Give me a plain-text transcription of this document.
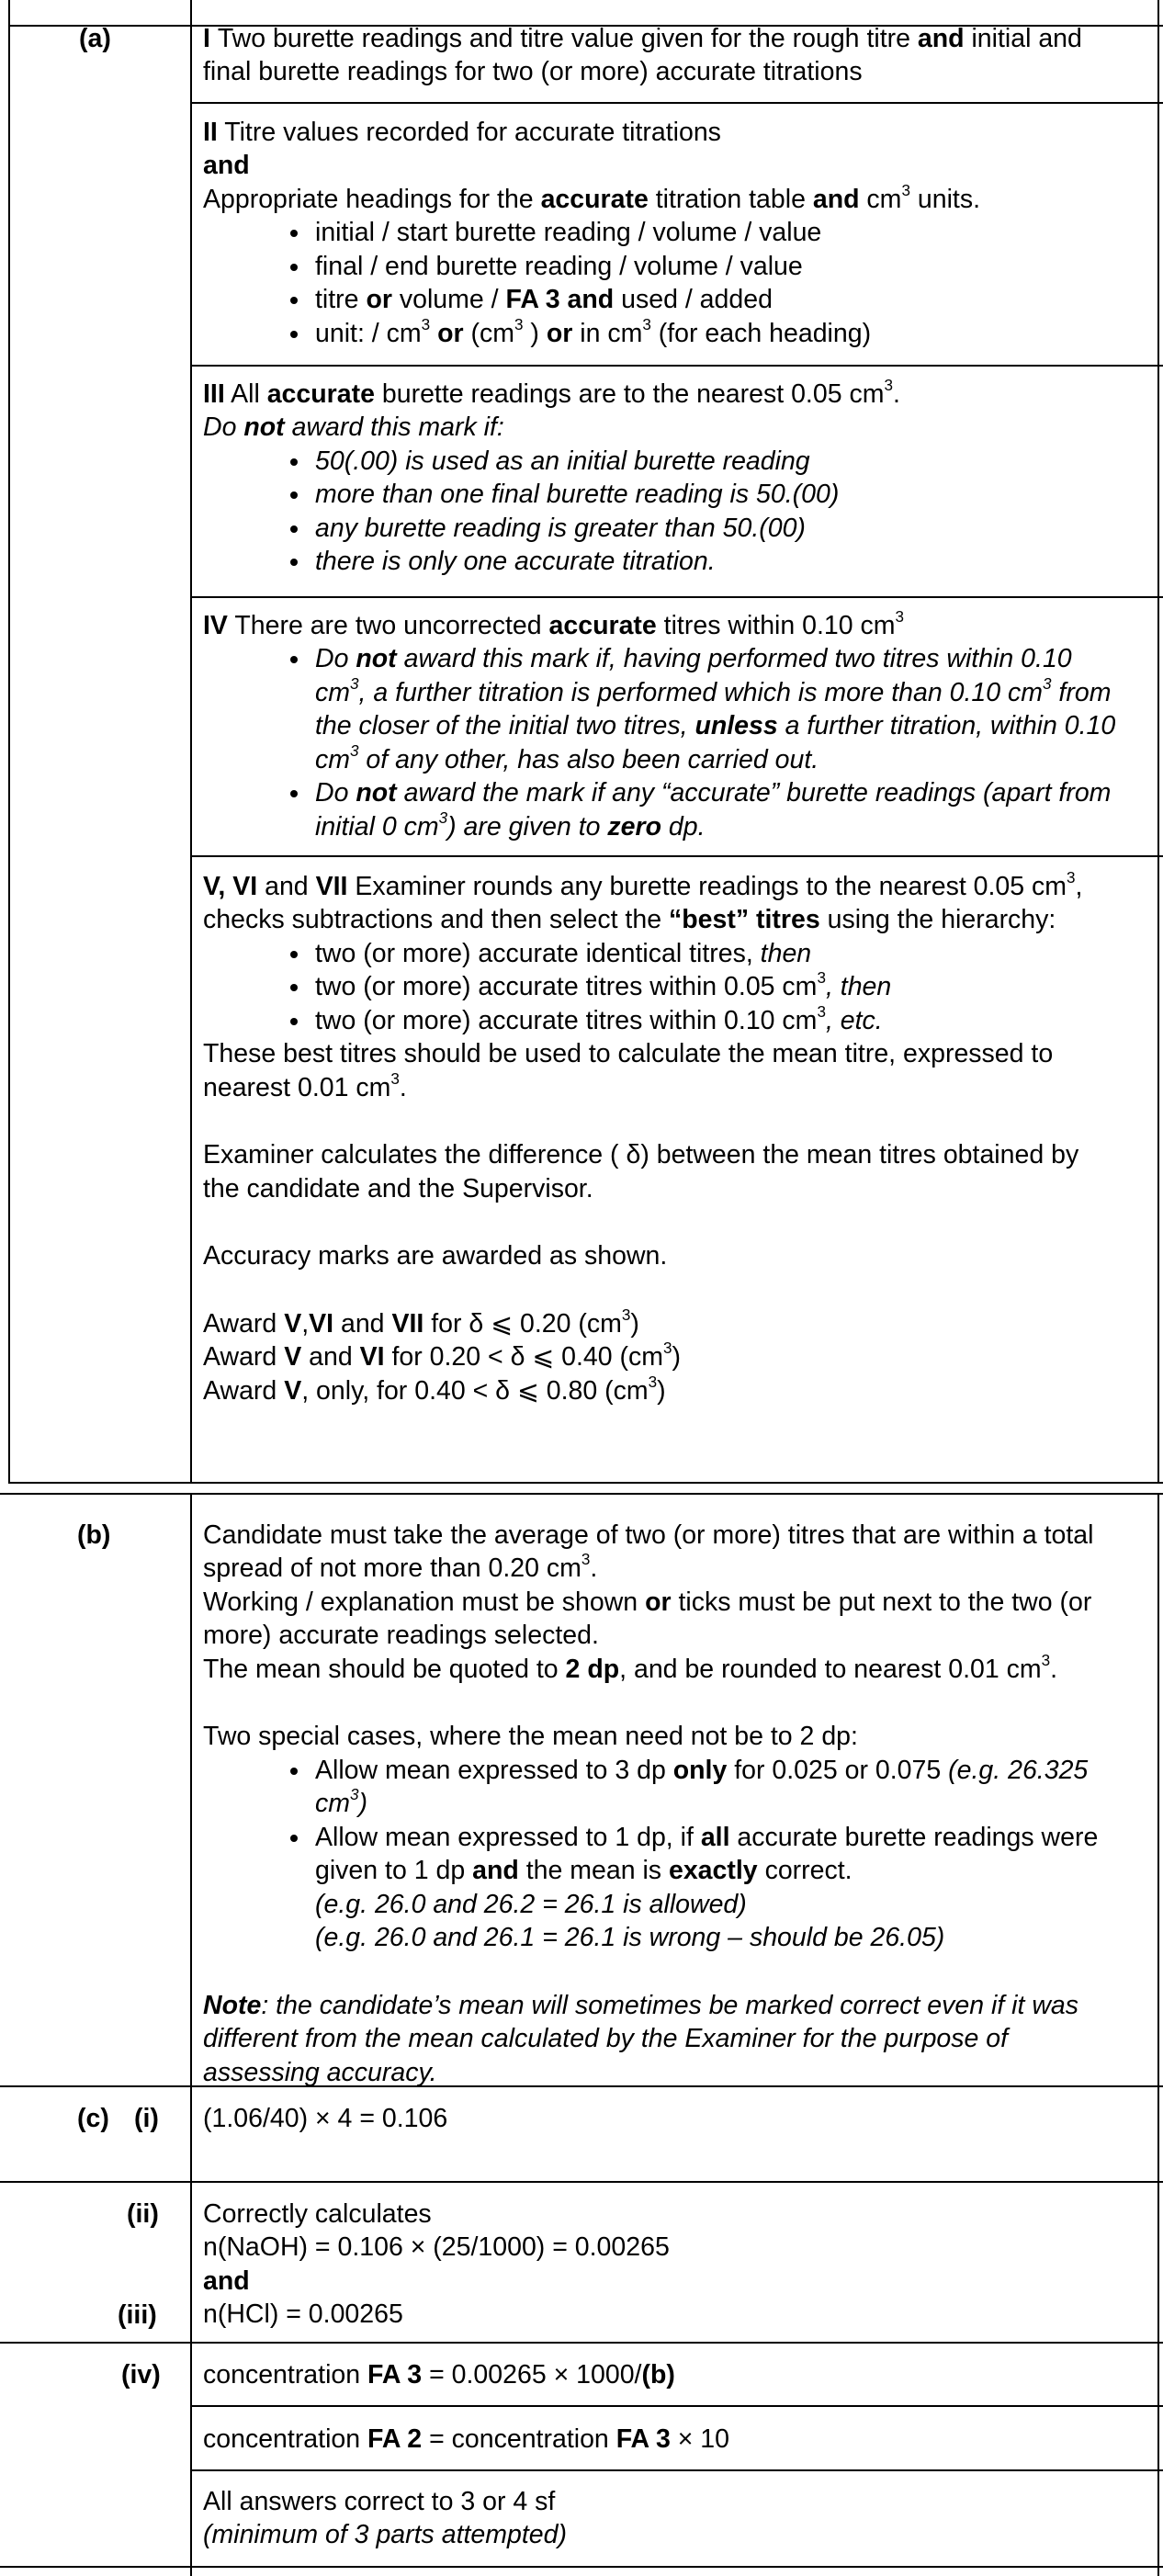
(a)	I Two burette readings and titre value given for the rough titre and initial and final burette readings for two (or more) accurate titrations

II Titre values recorded for accurate titrations

and

Appropriate headings for the accurate titration table and $cm^3$ units.

• initial / start burette reading / volume / value
• final / end burette reading / volume / value
• titre or volume / FA 3 and used / added
• unit: / $cm^3$ or ($cm^3$ ) or in $cm^3$ (for each heading)

III All accurate burette readings are to the nearest 0.05 $cm^3$.

Do not award this mark if:

• 50(.00) is used as an initial burette reading
• more than one final burette reading is 50.(00)
• any burette reading is greater than 50.(00)
• there is only one accurate titration.

IV There are two uncorrected accurate titres within 0.10 $cm^3$

• Do not award this mark if, having performed two titres within 0.10 $cm^3$, a further titration is performed which is more than 0.10 $cm^3$ from the closer of the initial two titres, unless a further titration, within 0.10 $cm^3$ of any other, has also been carried out.
• Do not award the mark if any “accurate” burette readings (apart from initial 0 $cm^3$) are given to zero dp.

V, VI and VII Examiner rounds any burette readings to the nearest 0.05 $cm^3$, checks subtractions and then select the “best” titres using the hierarchy:

• two (or more) accurate identical titres, then
• two (or more) accurate titres within 0.05 $cm^3$, then
• two (or more) accurate titres within 0.10 $cm^3$, etc.

These best titres should be used to calculate the mean titre, expressed to nearest 0.01 $cm^3$.

Examiner calculates the difference ( δ) between the mean titres obtained by the candidate and the Supervisor.

Accuracy marks are awarded as shown.

Award V,VI and VII for δ ⩽ 0.20 $(cm^3)$

Award V and VI for 0.20 < δ ⩽ 0.40 $(cm^3)$

Award V, only, for 0.40 < δ ⩽ 0.80 $(cm^3)$

(b)	Candidate must take the average of two (or more) titres that are within a total spread of not more than 0.20 $cm^3$.

Working / explanation must be shown or ticks must be put next to the two (or more) accurate readings selected.

The mean should be quoted to 2 dp, and be rounded to nearest 0.01 $cm^3$.

Two special cases, where the mean need not be to 2 dp:

• Allow mean expressed to 3 dp only for 0.025 or 0.075 (e.g. 26.325 $cm^3$)
• Allow mean expressed to 1 dp, if all accurate burette readings were given to 1 dp and the mean is exactly correct.
(e.g. 26.0 and 26.2 = 26.1 is allowed)
(e.g. 26.0 and 26.1 = 26.1 is wrong – should be 26.05)

Note: the candidate’s mean will sometimes be marked correct even if it was different from the mean calculated by the Examiner for the purpose of assessing accuracy.

(c) (i) (1.06/40) × 4 = 0.106

(ii)
(iii)

Correctly calculates

n(NaOH) = 0.106 × (25/1000) = 0.00265

and

n(HCl) = 0.00265

(iv) concentration FA 3 = 0.00265 × 1000/(b)

concentration FA 2 = concentration FA 3 × 10

All answers correct to 3 or 4 sf

(minimum of 3 parts attempted)
